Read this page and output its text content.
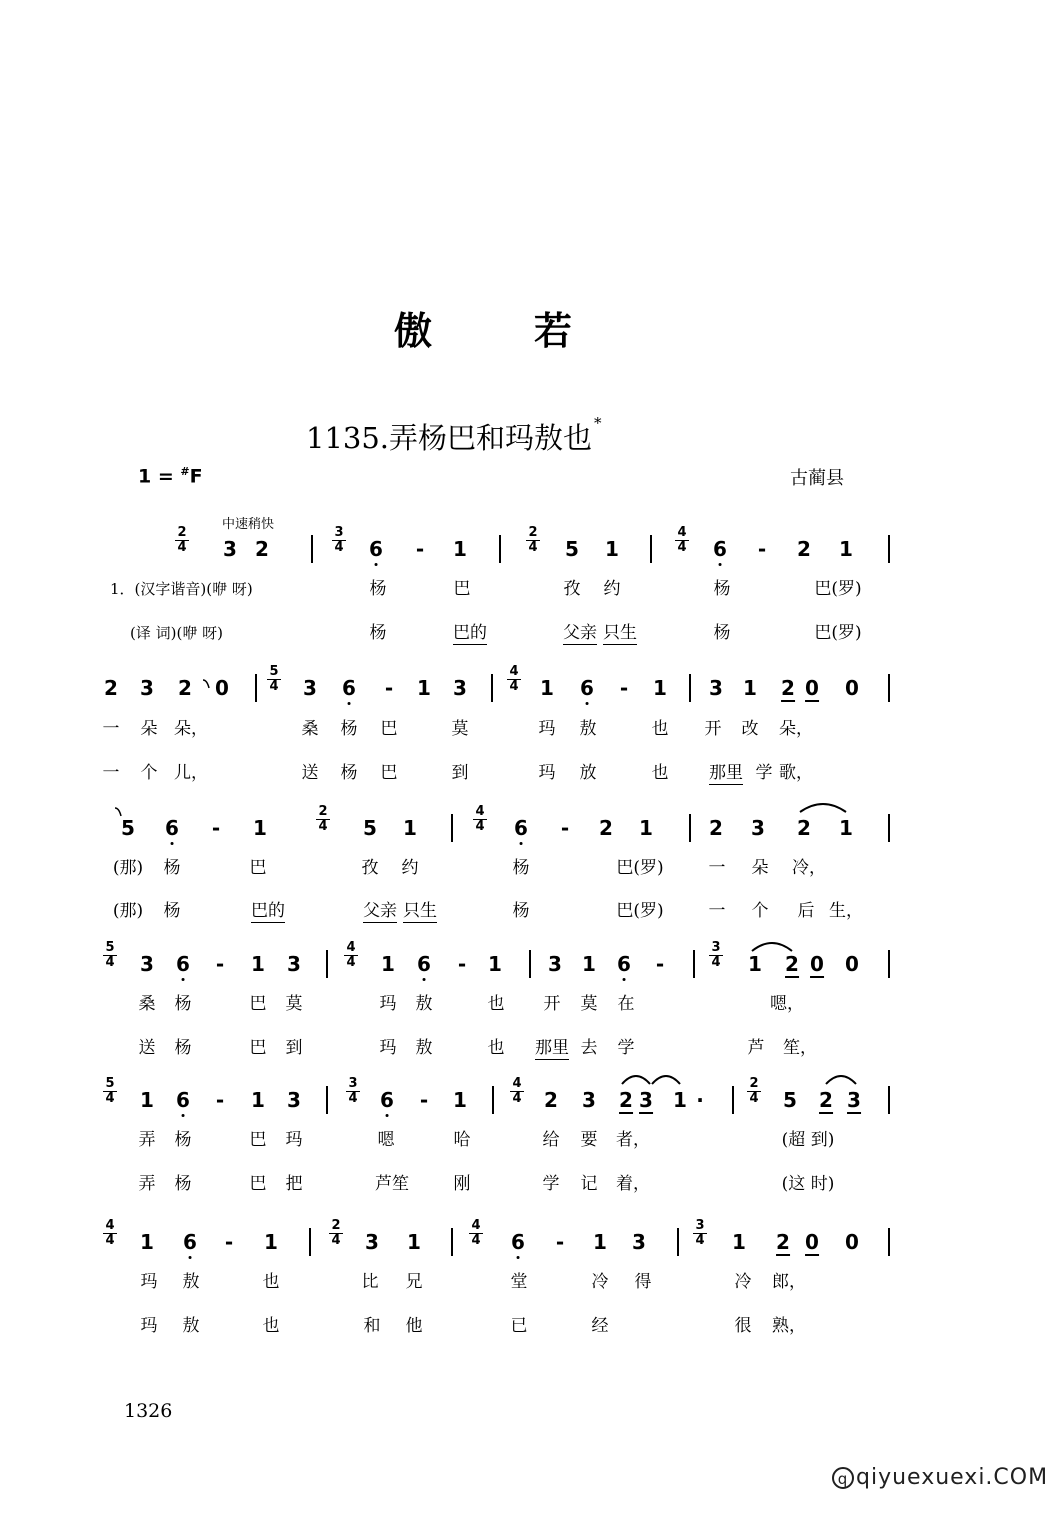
傲若
1135.弄杨巴和玛敖也 *
1 = #F	古蔺县
中速稍快
$\frac{2}{4}$	$\frac{3}{4}$	$\frac{2}{4}$	$\frac{4}{4}$
3 2	6 - 1	5 1	6 - 2 1
1．(汉字谐音)(咿 呀)	杨	巴	孜 约	杨	巴(罗)
(译 词)(咿 呀)	杨	巴的	父亲 只生	杨	巴(罗)
$\frac{5}{4}$	$\frac{4}{4}$
2 3 2 0	3 6 - 1 3	1 6 - 1 3 1 2 0 0
一 朵 朵，	桑 杨 巴	莫	玛 敖	也 开 改 朵，
一 个 儿，	送 杨 巴	到	玛 放	也 那里 学 歌，
$\frac{2}{4}$	$\frac{4}{4}$
5 6 - 1	5 1	6 - 2 1	2 3 2 1
(那) 杨	巴	孜 约	杨	巴(罗)	一 朵 冷，
(那) 杨	巴的	父亲 只生	杨	巴(罗)	一 个 后 生，
$\frac{5}{4}$	$\frac{4}{4}$	$\frac{3}{4}$
3 6 - 1 3	1 6 - 1 3 1 6 -	1 2 0 0
桑 杨	巴 莫	玛 敖	也 开 莫 在	嗯，
送 杨	巴 到	玛 敖	也 那里 去 学	芦 笙，
$\frac{5}{4}$	$\frac{3}{4}$	$\frac{4}{4}$	$\frac{2}{4}$
1 6 - 1 3	6 - 1	2 3 2 3 1 ·	5 2 3
弄 杨	巴 玛	嗯	哈	给 要 者，	(超 到)
弄 杨	巴 把	芦笙	刚	学 记 着，	(这 时)
$\frac{4}{4}$	$\frac{2}{4}$	$\frac{4}{4}$	$\frac{3}{4}$
1 6 - 1	3 1	6 - 1 3	1 2 0 0
玛 敖	也	比 兄	堂	冷 得	冷 郎，
玛 敖	也	和 他	已	经	很 熟，
1326
q qiyuexuexi.COM
